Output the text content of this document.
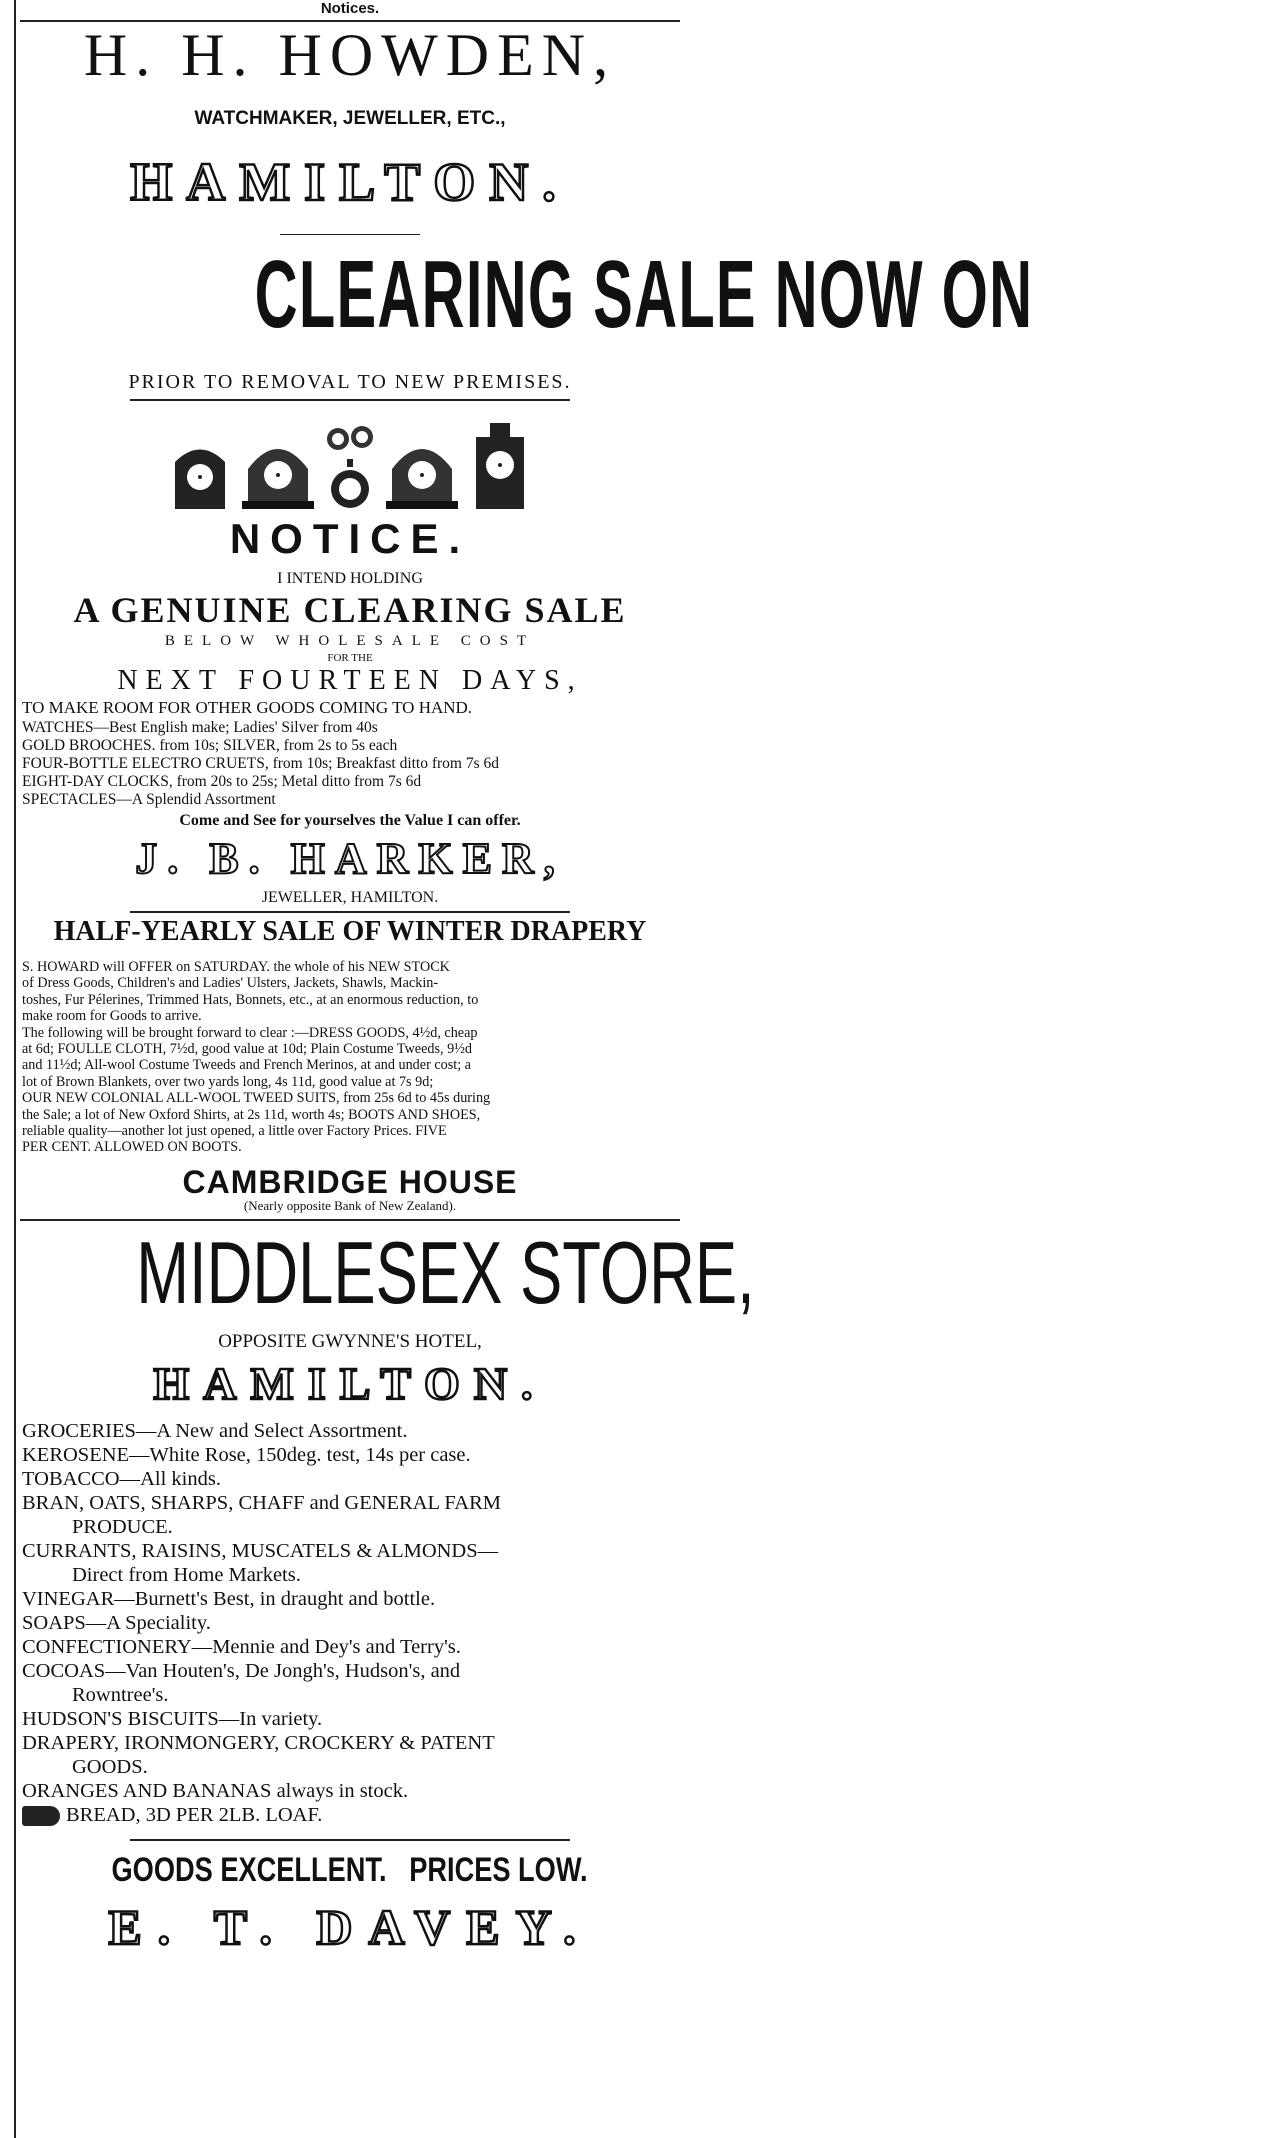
Notices.
H. H. HOWDEN,
WATCHMAKER, JEWELLER, ETC.,
HAMILTON.
CLEARING SALE NOW ON
PRIOR TO REMOVAL TO NEW PREMISES.
NOTICE.
I INTEND HOLDING
A GENUINE CLEARING SALE
BELOW WHOLESALE COST
FOR THE
NEXT FOURTEEN DAYS,
TO MAKE ROOM FOR OTHER GOODS COMING TO HAND.
WATCHES—Best English make; Ladies' Silver from 40s
GOLD BROOCHES. from 10s; SILVER, from 2s to 5s each
FOUR-BOTTLE ELECTRO CRUETS, from 10s; Breakfast ditto from 7s 6d
EIGHT-DAY CLOCKS, from 20s to 25s; Metal ditto from 7s 6d
SPECTACLES—A Splendid Assortment
Come and See for yourselves the Value I can offer.
J. B. HARKER,
JEWELLER, HAMILTON.
HALF-YEARLY SALE OF WINTER DRAPERY
S. HOWARD will OFFER on SATURDAY. the whole of his NEW STOCK
of Dress Goods, Children's and Ladies' Ulsters, Jackets, Shawls, Mackin-
toshes, Fur Pélerines, Trimmed Hats, Bonnets, etc., at an enormous reduction, to
make room for Goods to arrive.
The following will be brought forward to clear :—DRESS GOODS, 4½d, cheap
at 6d; FOULLE CLOTH, 7½d, good value at 10d; Plain Costume Tweeds, 9½d
and 11½d; All-wool Costume Tweeds and French Merinos, at and under cost; a
lot of Brown Blankets, over two yards long, 4s 11d, good value at 7s 9d;
OUR NEW COLONIAL ALL-WOOL TWEED SUITS, from 25s 6d to 45s during
the Sale; a lot of New Oxford Shirts, at 2s 11d, worth 4s; BOOTS AND SHOES,
reliable quality—another lot just opened, a little over Factory Prices. FIVE
PER CENT. ALLOWED ON BOOTS.
CAMBRIDGE HOUSE
(Nearly opposite Bank of New Zealand).
MIDDLESEX STORE,
OPPOSITE GWYNNE'S HOTEL,
HAMILTON.
GROCERIES—A New and Select Assortment.
KEROSENE—White Rose, 150deg. test, 14s per case.
TOBACCO—All kinds.
BRAN, OATS, SHARPS, CHAFF and GENERAL FARM
PRODUCE.
CURRANTS, RAISINS, MUSCATELS & ALMONDS—
Direct from Home Markets.
VINEGAR—Burnett's Best, in draught and bottle.
SOAPS—A Speciality.
CONFECTIONERY—Mennie and Dey's and Terry's.
COCOAS—Van Houten's, De Jongh's, Hudson's, and
Rowntree's.
HUDSON'S BISCUITS—In variety.
DRAPERY, IRONMONGERY, CROCKERY & PATENT
GOODS.
ORANGES AND BANANAS always in stock.
BREAD, 3D PER 2LB. LOAF.
GOODS EXCELLENT.   PRICES LOW.
E. T. DAVEY.
